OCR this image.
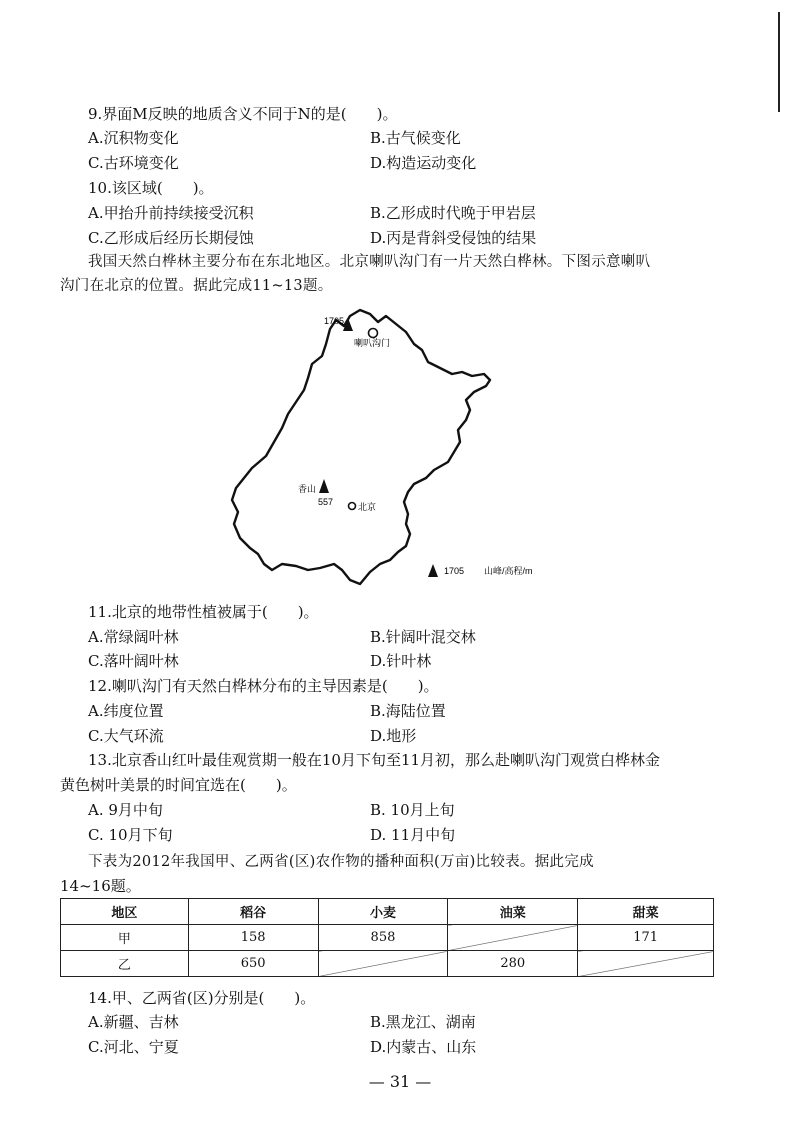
9.界面M反映的地质含义不同于N的是(　　)。
A.沉积物变化	B.古气候变化
C.古环境变化	D.构造运动变化
10.该区域(　　)。
A.甲抬升前持续接受沉积	B.乙形成时代晚于甲岩层
C.乙形成后经历长期侵蚀	D.丙是背斜受侵蚀的结果
我国天然白桦林主要分布在东北地区。北京喇叭沟门有一片天然白桦林。下图示意喇叭
沟门在北京的位置。据此完成11~13题。
1705
喇叭沟门
香山
557	北京
1705 山峰/高程/m
11.北京的地带性植被属于(　　)。
A.常绿阔叶林	B.针阔叶混交林
C.落叶阔叶林	D.针叶林
12.喇叭沟门有天然白桦林分布的主导因素是(　　)。
A.纬度位置	B.海陆位置
C.大气环流	D.地形
13.北京香山红叶最佳观赏期一般在10月下旬至11月初，那么赴喇叭沟门观赏白桦林金
黄色树叶美景的时间宜选在(　　)。
A. 9月中旬	B. 10月上旬
C. 10月下旬	D. 11月中旬
下表为2012年我国甲、乙两省(区)农作物的播种面积(万亩)比较表。据此完成
14~16题。
地区	稻谷	小麦	油菜	甜菜
甲	158	858		171
乙	650		280	
14.甲、乙两省(区)分别是(　　)。
A.新疆、吉林	B.黑龙江、湖南
C.河北、宁夏	D.内蒙古、山东
— 31 —
